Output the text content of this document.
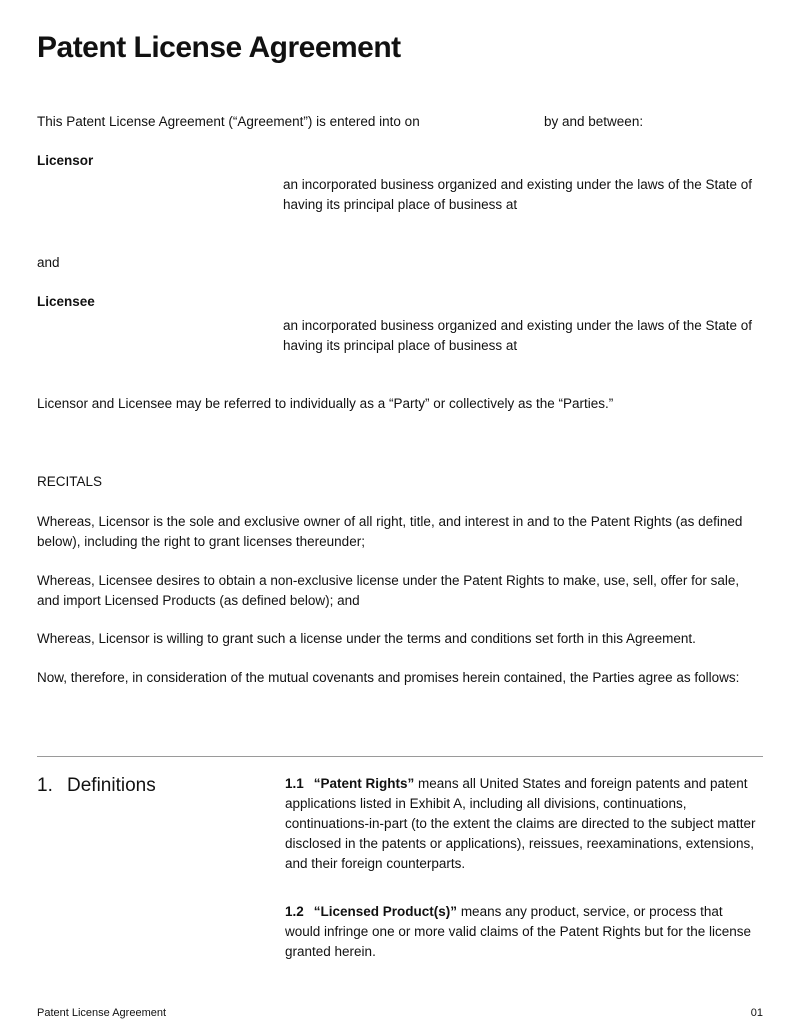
Patent License Agreement
This Patent License Agreement (“Agreement”) is entered into on	by and between:
Licensor
an incorporated business organized and existing under the laws of the State of
having its principal place of business at
and
Licensee
an incorporated business organized and existing under the laws of the State of
having its principal place of business at
Licensor and Licensee may be referred to individually as a “Party” or collectively as the “Parties.”
RECITALS
Whereas, Licensor is the sole and exclusive owner of all right, title, and interest in and to the Patent Rights (as defined below), including the right to grant licenses thereunder;
Whereas, Licensee desires to obtain a non-exclusive license under the Patent Rights to make, use, sell, offer for sale, and import Licensed Products (as defined below); and
Whereas, Licensor is willing to grant such a license under the terms and conditions set forth in this Agreement.
Now, therefore, in consideration of the mutual covenants and promises herein contained, the Parties agree as follows:
1. Definitions	1.1 “Patent Rights” means all United States and foreign patents and patent applications listed in Exhibit A, including all divisions, continuations, continuations-in-part (to the extent the claims are directed to the subject matter disclosed in the patents or applications), reissues, reexaminations, extensions, and their foreign counterparts.
1.2 “Licensed Product(s)” means any product, service, or process that would infringe one or more valid claims of the Patent Rights but for the license granted herein.
Patent License Agreement	01
